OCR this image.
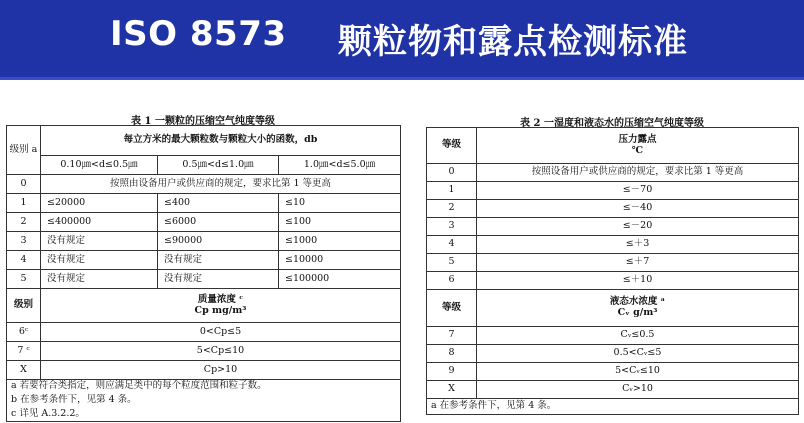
ISO 8573 颗粒物和露点检测标准
表 1 一颗粒的压缩空气纯度等级
级别 a	每立方米的最大颗粒数与颗粒大小的函数，db		
	0.10㎛<d≤0.5㎛	0.5㎛<d≤1.0㎛	1.0㎛<d≤5.0㎛
0	按照由设备用户或供应商的规定，要求比第 1 等更高		
1	≤20000	≤400	≤10
2	≤400000	≤6000	≤100
3	没有规定	≤90000	≤1000
4	没有规定	没有规定	≤10000
5	没有规定	没有规定	≤100000
级别	质量浓度 ᶜ
Cp mg/m³		

6ᶜ	0<Cp≤5		
7 ᶜ	5<Cp≤10		
X	Cp>10		
a 若要符合类指定，则应满足类中的每个粒度范围和粒子数。			
b 在参考条件下，见第 4 条。			
c 详见 A.3.2.2。			
表 2 一湿度和液态水的压缩空气纯度等级
等级	压力露点
℃

0	按照设备用户或供应商的规定，要求比第 1 等更高
1	≤－70
2	≤－40
3	≤－20
4	≤＋3
5	≤＋7
6	≤＋10
等级	液态水浓度 ᵃ
Cᵥ g/m³

7	Cᵥ≤0.5
8	0.5<Cᵥ≤5
9	5<Cᵥ≤10
X	Cᵥ>10
a 在参考条件下，见第 4 条。	
